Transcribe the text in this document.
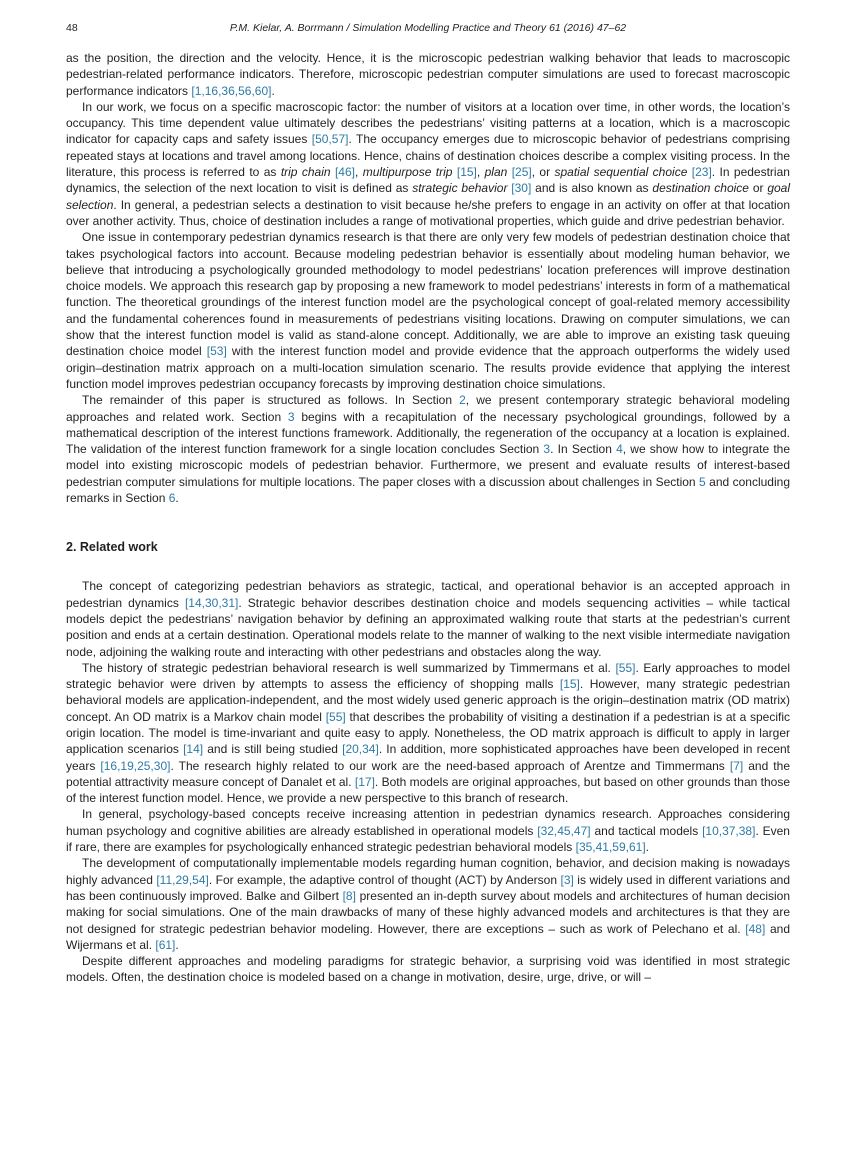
48	P.M. Kielar, A. Borrmann / Simulation Modelling Practice and Theory 61 (2016) 47–62

as the position, the direction and the velocity. Hence, it is the microscopic pedestrian walking behavior that leads to macroscopic pedestrian-related performance indicators. Therefore, microscopic pedestrian computer simulations are used to forecast macroscopic performance indicators [1,16,36,56,60].

In our work, we focus on a specific macroscopic factor: the number of visitors at a location over time, in other words, the location’s occupancy. This time dependent value ultimately describes the pedestrians’ visiting patterns at a location, which is a macroscopic indicator for capacity caps and safety issues [50,57]. The occupancy emerges due to microscopic behavior of pedestrians comprising repeated stays at locations and travel among locations. Hence, chains of destination choices describe a complex visiting process. In the literature, this process is referred to as trip chain [46], multipurpose trip [15], plan [25], or spatial sequential choice [23]. In pedestrian dynamics, the selection of the next location to visit is defined as strategic behavior [30] and is also known as destination choice or goal selection. In general, a pedestrian selects a destination to visit because he/she prefers to engage in an activity on offer at that location over another activity. Thus, choice of destination includes a range of motivational properties, which guide and drive pedestrian behavior.

One issue in contemporary pedestrian dynamics research is that there are only very few models of pedestrian destination choice that takes psychological factors into account. Because modeling pedestrian behavior is essentially about modeling human behavior, we believe that introducing a psychologically grounded methodology to model pedestrians’ location preferences will improve destination choice models. We approach this research gap by proposing a new framework to model pedestrians’ interests in form of a mathematical function. The theoretical groundings of the interest function model are the psychological concept of goal-related memory accessibility and the fundamental coherences found in measurements of pedestrians visiting locations. Drawing on computer simulations, we can show that the interest function model is valid as stand-alone concept. Additionally, we are able to improve an existing task queuing destination choice model [53] with the interest function model and provide evidence that the approach outperforms the widely used origin–destination matrix approach on a multi-location simulation scenario. The results provide evidence that applying the interest function model improves pedestrian occupancy forecasts by improving destination choice simulations.

The remainder of this paper is structured as follows. In Section 2, we present contemporary strategic behavioral modeling approaches and related work. Section 3 begins with a recapitulation of the necessary psychological groundings, followed by a mathematical description of the interest functions framework. Additionally, the regeneration of the occupancy at a location is explained. The validation of the interest function framework for a single location concludes Section 3. In Section 4, we show how to integrate the model into existing microscopic models of pedestrian behavior. Furthermore, we present and evaluate results of interest-based pedestrian computer simulations for multiple locations. The paper closes with a discussion about challenges in Section 5 and concluding remarks in Section 6.

2. Related work

The concept of categorizing pedestrian behaviors as strategic, tactical, and operational behavior is an accepted approach in pedestrian dynamics [14,30,31]. Strategic behavior describes destination choice and models sequencing activities – while tactical models depict the pedestrians’ navigation behavior by defining an approximated walking route that starts at the pedestrian’s current position and ends at a certain destination. Operational models relate to the manner of walking to the next visible intermediate navigation node, adjoining the walking route and interacting with other pedestrians and obstacles along the way.

The history of strategic pedestrian behavioral research is well summarized by Timmermans et al. [55]. Early approaches to model strategic behavior were driven by attempts to assess the efficiency of shopping malls [15]. However, many strategic pedestrian behavioral models are application-independent, and the most widely used generic approach is the origin–destination matrix (OD matrix) concept. An OD matrix is a Markov chain model [55] that describes the probability of visiting a destination if a pedestrian is at a specific origin location. The model is time-invariant and quite easy to apply. Nonetheless, the OD matrix approach is difficult to apply in larger application scenarios [14] and is still being studied [20,34]. In addition, more sophisticated approaches have been developed in recent years [16,19,25,30]. The research highly related to our work are the need-based approach of Arentze and Timmermans [7] and the potential attractivity measure concept of Danalet et al. [17]. Both models are original approaches, but based on other grounds than those of the interest function model. Hence, we provide a new perspective to this branch of research.

In general, psychology-based concepts receive increasing attention in pedestrian dynamics research. Approaches considering human psychology and cognitive abilities are already established in operational models [32,45,47] and tactical models [10,37,38]. Even if rare, there are examples for psychologically enhanced strategic pedestrian behavioral models [35,41,59,61].

The development of computationally implementable models regarding human cognition, behavior, and decision making is nowadays highly advanced [11,29,54]. For example, the adaptive control of thought (ACT) by Anderson [3] is widely used in different variations and has been continuously improved. Balke and Gilbert [8] presented an in-depth survey about models and architectures of human decision making for social simulations. One of the main drawbacks of many of these highly advanced models and architectures is that they are not designed for strategic pedestrian behavior modeling. However, there are exceptions – such as work of Pelechano et al. [48] and Wijermans et al. [61].

Despite different approaches and modeling paradigms for strategic behavior, a surprising void was identified in most strategic models. Often, the destination choice is modeled based on a change in motivation, desire, urge, drive, or will –
